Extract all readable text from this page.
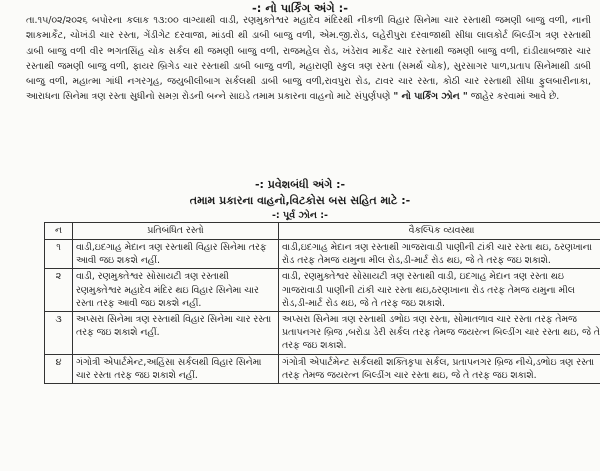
-: નો પાર્કિંગ અંગે :-
તા.૧૫/૦૨/૨૦૨૬ બપોરના કલાક ૧૩:૦૦ વાગ્યાથી વાડી, રણમુક્તેશ્વર મહાદેવ મંદિરથી નીકળી વિહાર સિનેમા ચાર રસ્તાથી જમણી બાજુ વળી, નાની શાકમાર્કેટ, ચોખંડી ચાર રસ્તા, ગેંડીગેટ દરવાજા, માંડવી થી ડાબી બાજુ વળી, એમ.જી.રોડ, લહેરીપુરા દરવાજાથી સીધા લાલકોર્ટ બિલ્ડીંગ ત્રણ રસ્તાથી ડાબી બાજુ વળી વીર ભગતસિંહ ચોક સર્કલ થી જમણી બાજુ વળી, રાજમહેલ રોડ, ખંડેરાવ માર્કેટ ચાર રસ્તાથી જમણી બાજુ વળી, દાંડીયાબજાર ચાર રસ્તાથી જમણી બાજુ વળી, ફાયર બ્રિગેડ ચાર રસ્તાથી ડાબી બાજુ વળી, મહારાણી સ્કુલ ત્રણ રસ્તા (સમર્થ ચોક), સુરસાગર પાળ,પ્રતાપ સિનેમાથી ડાબી બાજુ વળી, મહાત્મા ગાંધી નગરગૃહ, જયુબીલીબાગ સર્કલથી ડાબી બાજુ વળી,રાવપુરા રોડ, ટાવર ચાર રસ્તા, કોઠી ચાર રસ્તાથી સીધા ફુલબારીનાકા, આરાધના સિનેમા ત્રણ રસ્તા સુધીનો સમગ્ર રોડની બન્ને સાઇડે તમામ પ્રકારના વાહનો માટે સંપુર્ણપણે " નો પાર્કિંગ ઝોન " જાહેર કરવામાં આવે છે.
-: પ્રવેશબંધી અંગે :-
તમામ પ્રકારના વાહનો,વિટકોસ બસ સહિત માટે :-
-: પૂર્વ ઝોન :-
ન	પ્રતિબંધિત રસ્તો	વૈકલ્પિક વ્યવસ્થા
૧	વાડી,ઇદગાહ મેદાન ત્રણ રસ્તાથી વિહાર સિનેમા તરફ આવી જઇ શકશે નહીં.	વાડી,ઇદગાહ મેદાન ત્રણ રસ્તાથી ગાજરાવાડી પાણીની ટાંકી ચાર રસ્તા થઇ, ઠરણખાના રોડ તરફ તેમજ યમુના મીલ રોડ,ડી-માર્ટ રોડ થઇ, જે તે તરફ જઇ શકાશે.
૨	વાડી, રણમુક્તેશ્વર સોસાયટી ત્રણ રસ્તાથી રણમુક્તેશ્વર મહાદેવ મંદિર થઇ વિહાર સિનેમા ચાર રસ્તા તરફ આવી જઇ શકશે નહીં.	વાડી, રણમુક્તેશ્વર સોસાયટી ત્રણ રસ્તાથી વાડી, ઇદગાહ મેદાન ત્રણ રસ્તા થઇ ગાજરાવાડી પાણીની ટાંકી ચાર રસ્તા થઇ,ઠરણખાના રોડ તરફ તેમજ યમુના મીલ રોડ,ડી-માર્ટ રોડ થઇ, જે તે તરફ જઇ શકાશે.
૩	અપ્સરા સિનેમા ત્રણ રસ્તાથી વિહાર સિનેમા ચાર રસ્તા તરફ જઇ શકાશે નહીં.	અપ્સરા સિનેમા ત્રણ રસ્તાથી ડભોઇ ત્રણ રસ્તા, સોમાતળાવ ચાર રસ્તા તરફ તેમજ પ્રતાપનગર બ્રિજ ,બરોડા ડેરી સર્કલ તરફ તેમજ જયરત્ન બિલ્ડીંગ ચાર રસ્તા થઇ, જે તે તરફ જઇ શકાશે.
૪	ગંગોત્રી એપાર્ટમેન્ટ,અહિંસા સર્કલથી વિહાર સિનેમા ચાર રસ્તા તરફ જઇ શકાશે નહીં.	ગંગોત્રી એપાર્ટમેન્ટ સર્કલથી શક્તિકૃપા સર્કલ, પ્રતાપનગર બ્રિજ નીચે,ડભોઇ ત્રણ રસ્તા તરફ તેમજ જયરત્ન બિલ્ડીંગ ચાર રસ્તા થઇ, જે તે તરફ જઇ શકાશે.
